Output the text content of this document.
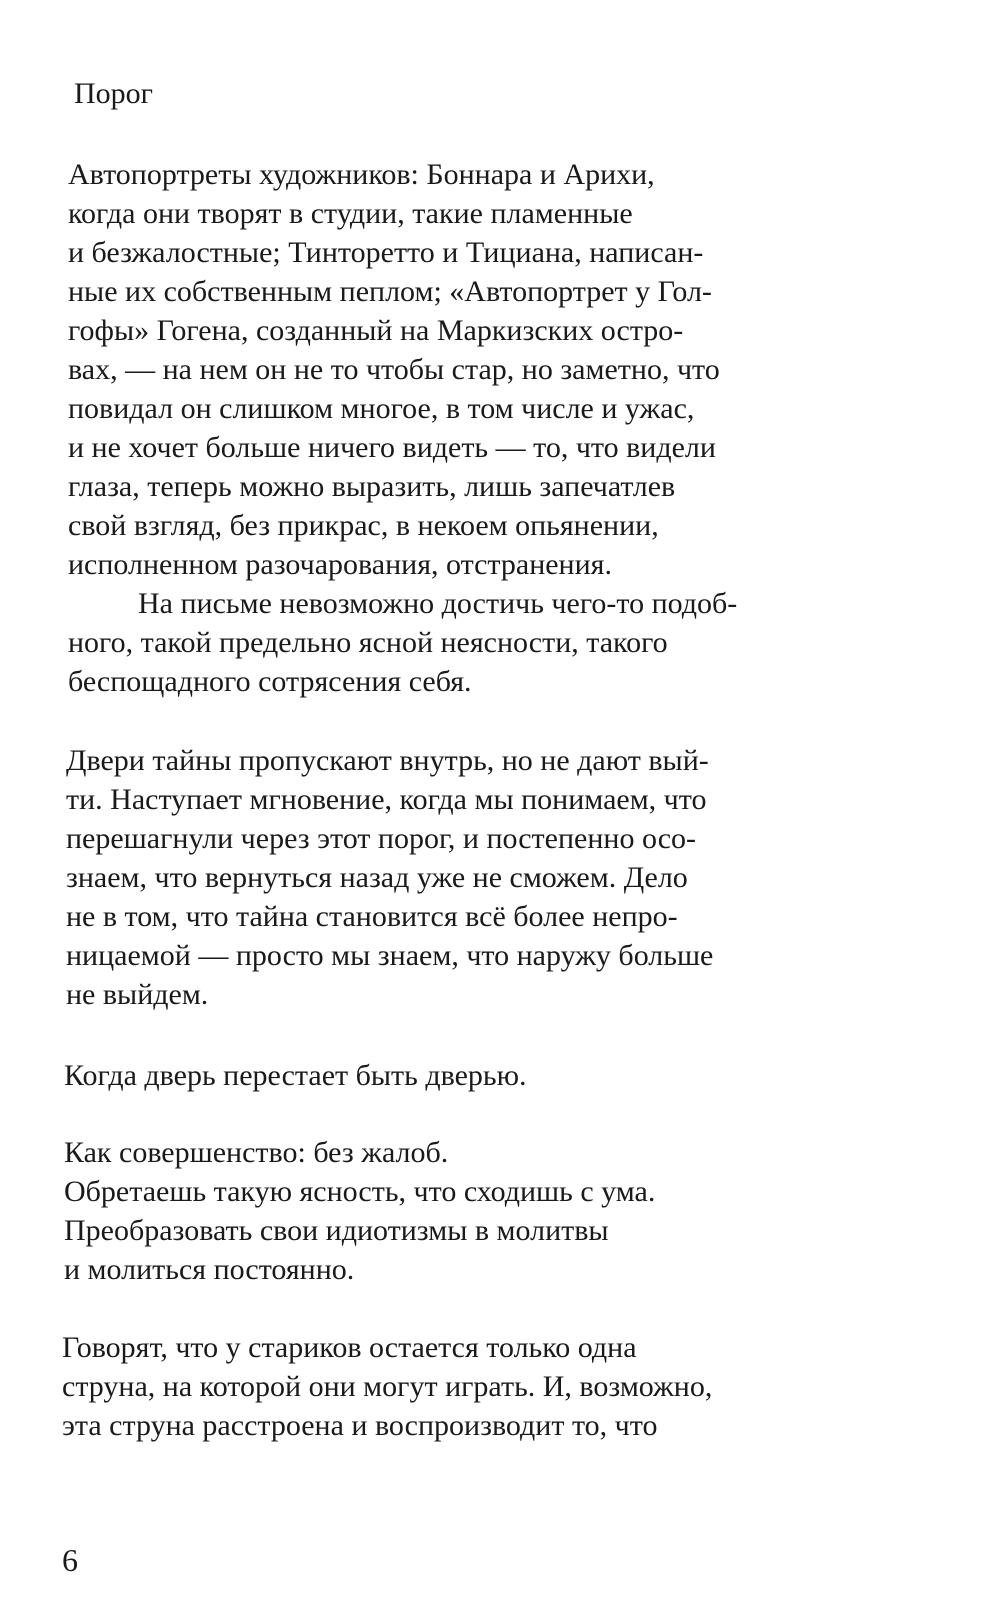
Порог
Автопортреты художников: Боннара и Арихи,
когда они творят в студии, такие пламенные
и безжалостные; Тинторетто и Тициана, написан-
ные их собственным пеплом; «Автопортрет у Гол-
гофы» Гогена, созданный на Маркизских остро-
вах, — на нем он не то чтобы стар, но заметно, что
повидал он слишком многое, в том числе и ужас,
и не хочет больше ничего видеть — то, что видели
глаза, теперь можно выразить, лишь запечатлев
свой взгляд, без прикрас, в некоем опьянении,
исполненном разочарования, отстранения.
На письме невозможно достичь чего-то подоб-
ного, такой предельно ясной неясности, такого
беспощадного сотрясения себя.
Двери тайны пропускают внутрь, но не дают вый-
ти. Наступает мгновение, когда мы понимаем, что
перешагнули через этот порог, и постепенно осо-
знаем, что вернуться назад уже не сможем. Дело
не в том, что тайна становится всё более непро-
ницаемой — просто мы знаем, что наружу больше
не выйдем.
Когда дверь перестает быть дверью.
Как совершенство: без жалоб.
Обретаешь такую ясность, что сходишь с ума.
Преобразовать свои идиотизмы в молитвы
и молиться постоянно.
Говорят, что у стариков остается только одна
струна, на которой они могут играть. И, возможно,
эта струна расстроена и воспроизводит то, что
6
